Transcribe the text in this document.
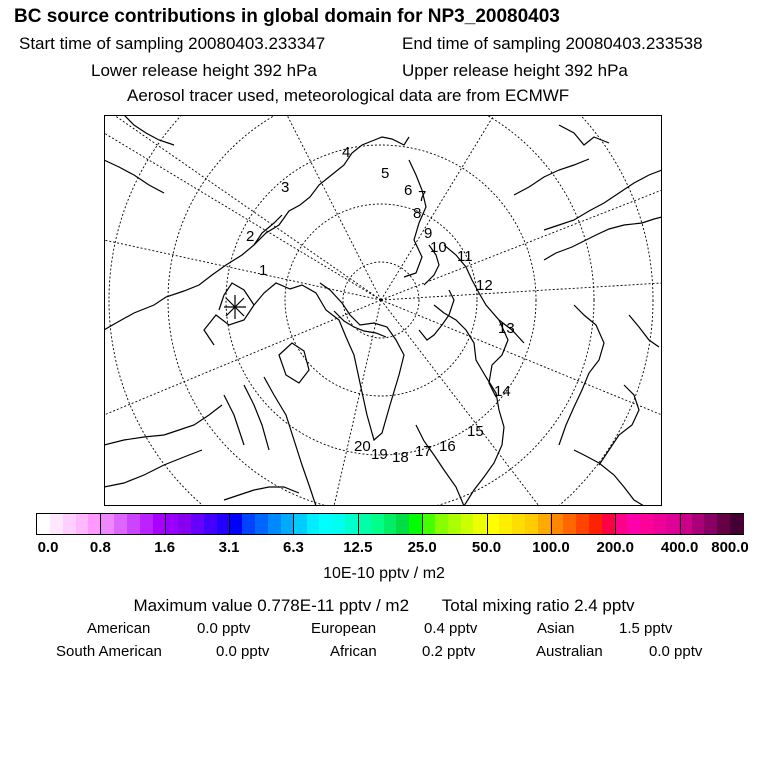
BC source contributions in global domain for NP3_20080403
Start time of sampling 20080403.233347	End time of sampling 20080403.233538
Lower release height 392 hPa	Upper release height 392 hPa
Aerosol tracer used, meteorological data are from ECMWF
1
2
3
4
5
6 7
8
9
10
11
12
13
14
15
16
17
18
19
20
10E-10 pptv / m2
Maximum value 0.778E-11 pptv / m2 Total mixing ratio 2.4 pptv
American	0.0 pptv	European	0.4 pptv	Asian	1.5 pptv
South American	0.0 pptv	African	0.2 pptv	Australian	0.0 pptv
0.0 0.8	1.6	3.1	6.3	12.5 25.0 50.0 100.0 200.0 400.0 800.0
